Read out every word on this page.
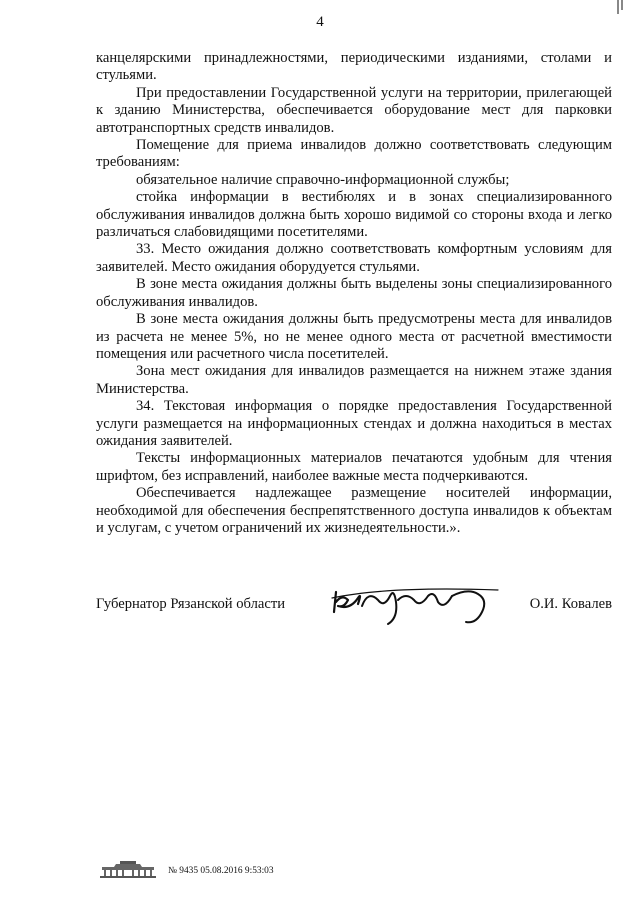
4

канцелярскими принадлежностями, периодическими изданиями, столами и стульями.

При предоставлении Государственной услуги на территории, прилегающей к зданию Министерства, обеспечивается оборудование мест для парковки автотранспортных средств инвалидов.

Помещение для приема инвалидов должно соответствовать следующим требованиям:

обязательное наличие справочно-информационной службы;

стойка информации в вестибюлях и в зонах специализированного обслуживания инвалидов должна быть хорошо видимой со стороны входа и легко различаться слабовидящими посетителями.

33. Место ожидания должно соответствовать комфортным условиям для заявителей. Место ожидания оборудуется стульями.

В зоне места ожидания должны быть выделены зоны специализированного обслуживания инвалидов.

В зоне места ожидания должны быть предусмотрены места для инвалидов из расчета не менее 5%, но не менее одного места от расчетной вместимости помещения или расчетного числа посетителей.

Зона мест ожидания для инвалидов размещается на нижнем этаже здания Министерства.

34. Текстовая информация о порядке предоставления Государственной услуги размещается на информационных стендах и должна находиться в местах ожидания заявителей.

Тексты информационных материалов печатаются удобным для чтения шрифтом, без исправлений, наиболее важные места подчеркиваются.

Обеспечивается надлежащее размещение носителей информации, необходимой для обеспечения беспрепятственного доступа инвалидов к объектам и услугам, с учетом ограничений их жизнедеятельности.».

Губернатор Рязанской области	О.И. Ковалев
№ 9435 05.08.2016 9:53:03
